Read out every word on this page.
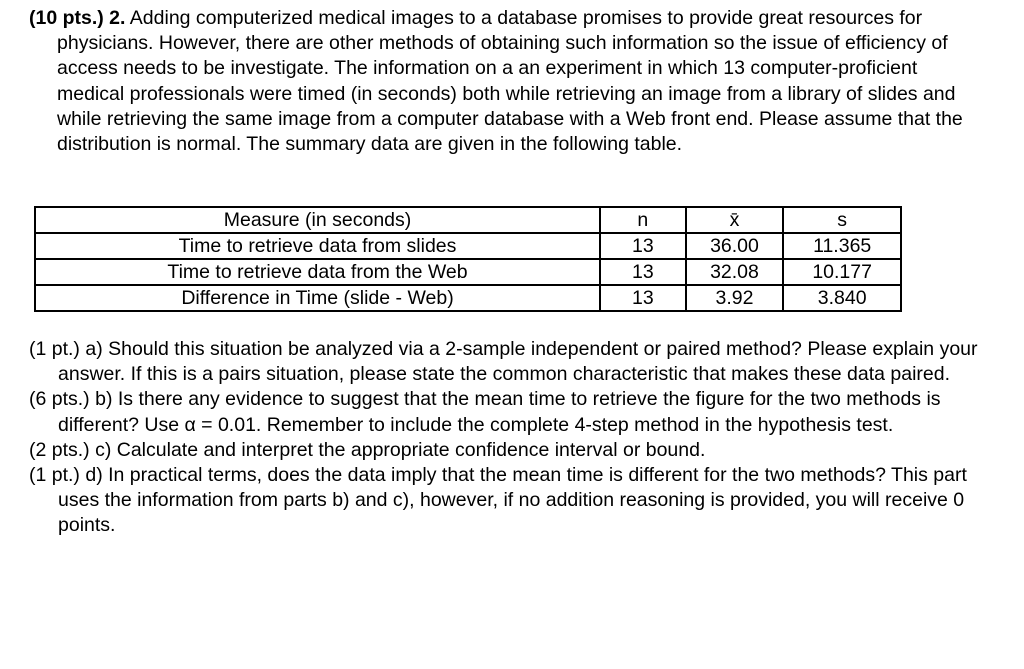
(10 pts.) 2. Adding computerized medical images to a database promises to provide great resources for physicians. However, there are other methods of obtaining such information so the issue of efficiency of access needs to be investigate. The information on a an experiment in which 13 computer-proficient medical professionals were timed (in seconds) both while retrieving an image from a library of slides and while retrieving the same image from a computer database with a Web front end. Please assume that the distribution is normal. The summary data are given in the following table.

Measure (in seconds)	n	x̄	s
Time to retrieve data from slides	13	36.00	11.365
Time to retrieve data from the Web	13	32.08	10.177
Difference in Time (slide - Web)	13	3.92	3.840

(1 pt.) a) Should this situation be analyzed via a 2-sample independent or paired method? Please explain your answer. If this is a pairs situation, please state the common characteristic that makes these data paired.

(6 pts.) b) Is there any evidence to suggest that the mean time to retrieve the figure for the two methods is different? Use α = 0.01. Remember to include the complete 4-step method in the hypothesis test.

(2 pts.) c) Calculate and interpret the appropriate confidence interval or bound.

(1 pt.) d) In practical terms, does the data imply that the mean time is different for the two methods? This part uses the information from parts b) and c), however, if no addition reasoning is provided, you will receive 0 points.
